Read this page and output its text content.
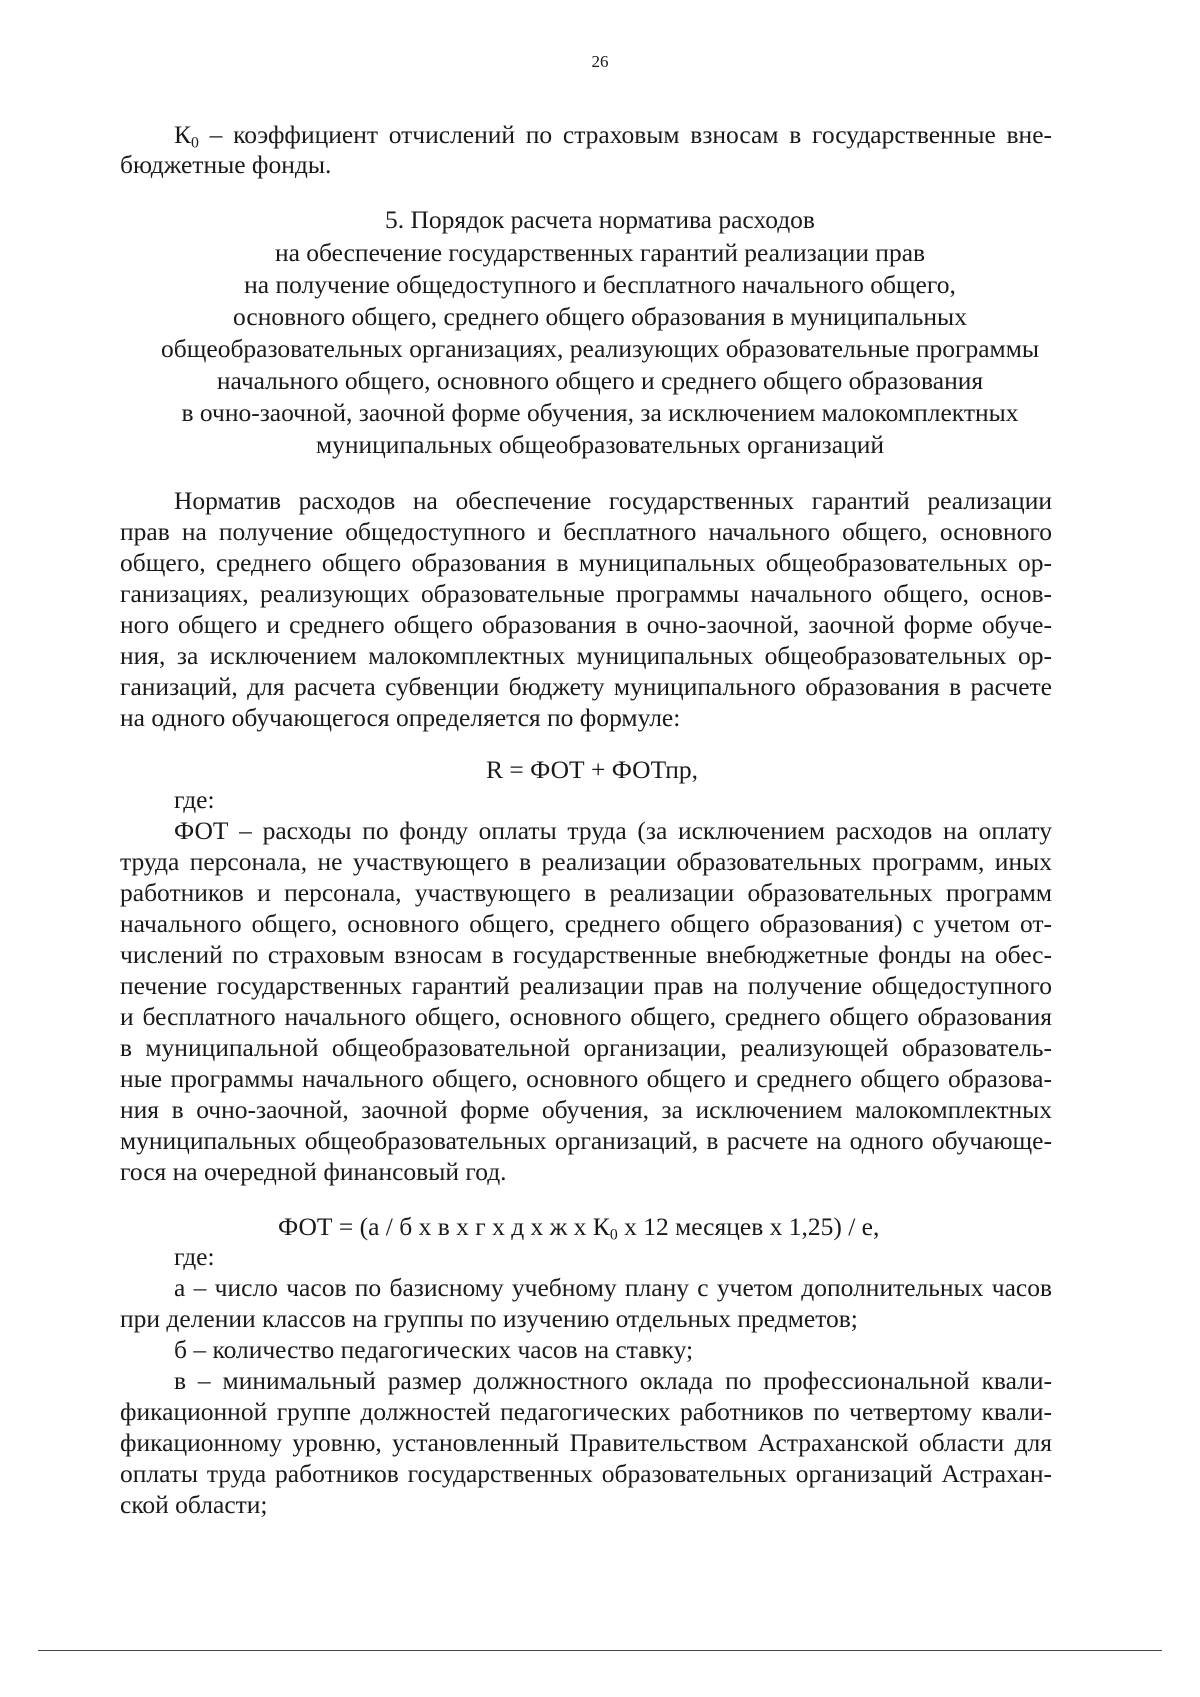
26
$К_0$ – коэффициент отчислений по страховым взносам в государственные вне-
бюджетные фонды.
5. Порядок расчета норматива расходов
на обеспечение государственных гарантий реализации прав
на получение общедоступного и бесплатного начального общего,
основного общего, среднего общего образования в муниципальных
общеобразовательных организациях, реализующих образовательные программы
начального общего, основного общего и среднего общего образования
в очно-заочной, заочной форме обучения, за исключением малокомплектных
муниципальных общеобразовательных организаций
Норматив расходов на обеспечение государственных гарантий реализации
прав на получение общедоступного и бесплатного начального общего, основного
общего, среднего общего образования в муниципальных общеобразовательных ор-
ганизациях, реализующих образовательные программы начального общего, основ-
ного общего и среднего общего образования в очно-заочной, заочной форме обуче-
ния, за исключением малокомплектных муниципальных общеобразовательных ор-
ганизаций, для расчета субвенции бюджету муниципального образования в расчете
на одного обучающегося определяется по формуле:
R = ФОТ + ФОТпр,
где:
ФОТ – расходы по фонду оплаты труда (за исключением расходов на оплату
труда персонала, не участвующего в реализации образовательных программ, иных
работников и персонала, участвующего в реализации образовательных программ
начального общего, основного общего, среднего общего образования) с учетом от-
числений по страховым взносам в государственные внебюджетные фонды на обес-
печение государственных гарантий реализации прав на получение общедоступного
и бесплатного начального общего, основного общего, среднего общего образования
в муниципальной общеобразовательной организации, реализующей образователь-
ные программы начального общего, основного общего и среднего общего образова-
ния в очно-заочной, заочной форме обучения, за исключением малокомплектных
муниципальных общеобразовательных организаций, в расчете на одного обучающе-
гося на очередной финансовый год.
ФОТ = (а / б х в х г х д х ж х $К_0$ х 12 месяцев х 1,25) / е,
где:
а – число часов по базисному учебному плану с учетом дополнительных часов
при делении классов на группы по изучению отдельных предметов;
б – количество педагогических часов на ставку;
в – минимальный размер должностного оклада по профессиональной квали-
фикационной группе должностей педагогических работников по четвертому квали-
фикационному уровню, установленный Правительством Астраханской области для
оплаты труда работников государственных образовательных организаций Астрахан-
ской области;
